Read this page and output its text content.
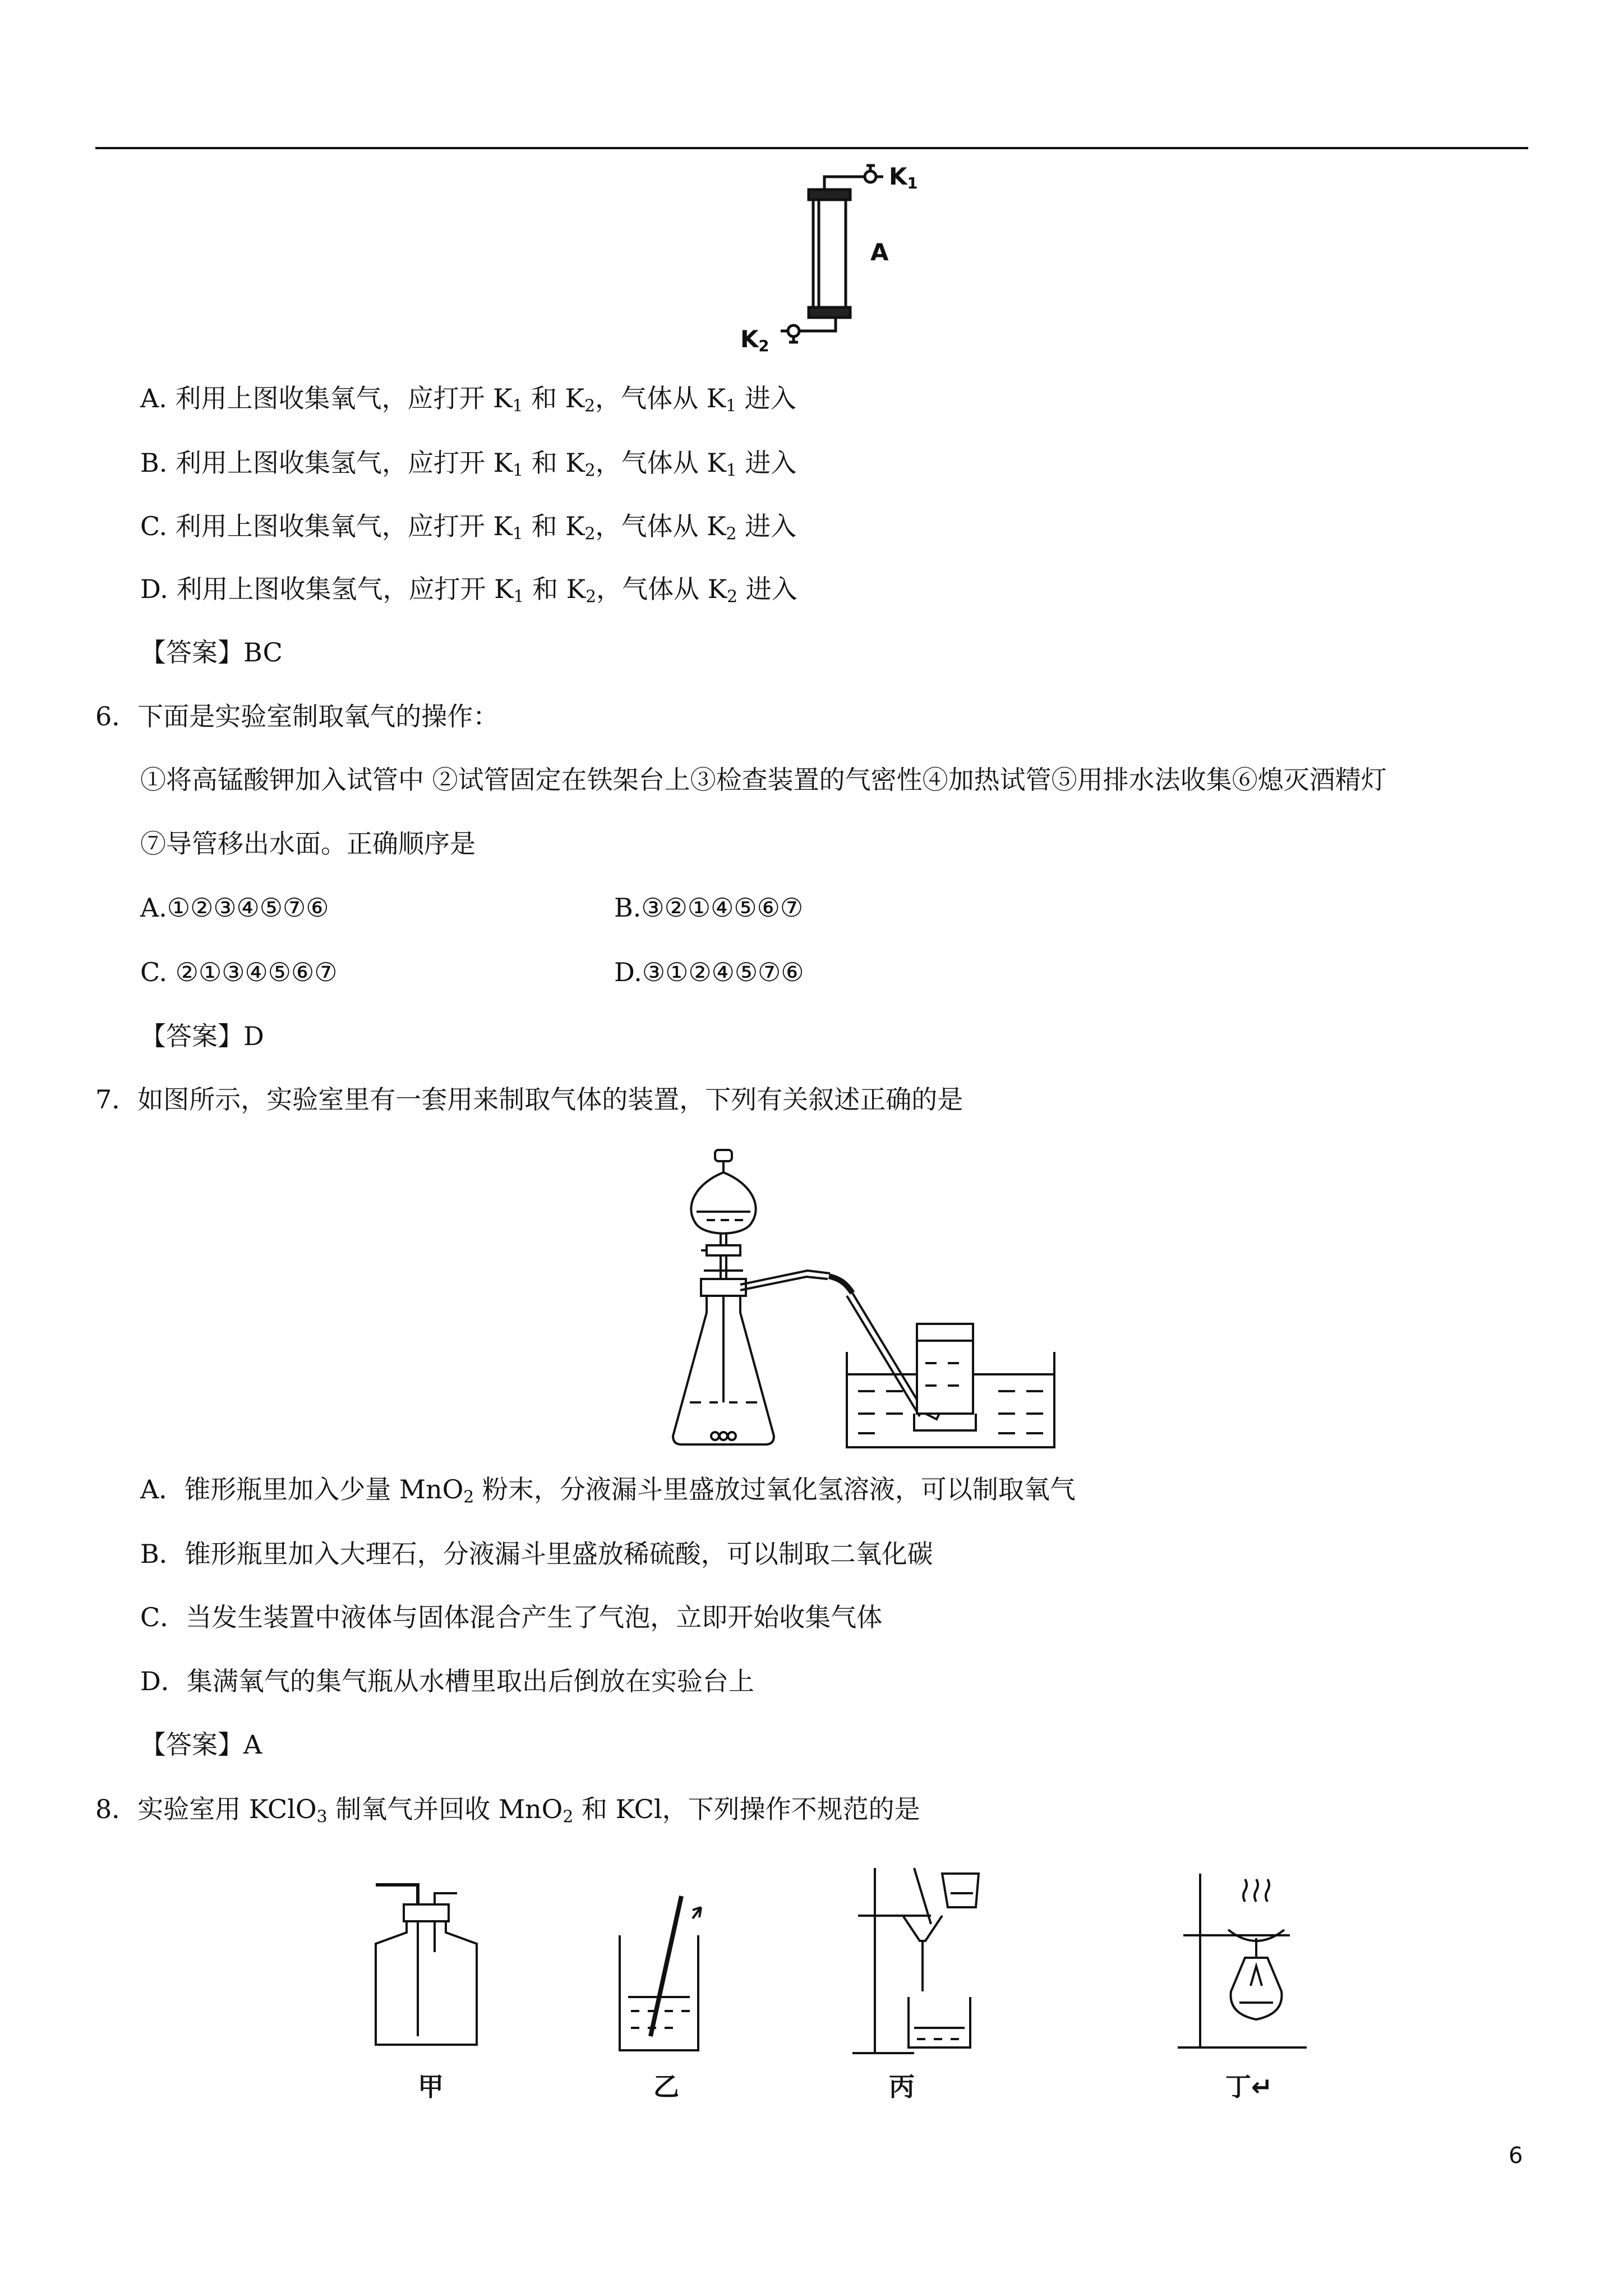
$K_1$
A
$K_2$
A. 利用上图收集氧气，应打开 $K_1$ 和 $K_2$，气体从 $K_1$ 进入
B. 利用上图收集氢气，应打开 $K_1$ 和 $K_2$，气体从 $K_1$ 进入
C. 利用上图收集氧气，应打开 $K_1$ 和 $K_2$，气体从 $K_2$ 进入
D. 利用上图收集氢气，应打开 $K_1$ 和 $K_2$，气体从 $K_2$ 进入
【答案】BC
6．下面是实验室制取氧气的操作：
①将高锰酸钾加入试管中 ②试管固定在铁架台上③检查装置的气密性④加热试管⑤用排水法收集⑥熄灭酒精灯
⑦导管移出水面。正确顺序是
A.①②③④⑤⑦⑥	B.③②①④⑤⑥⑦
C. ②①③④⑤⑥⑦	D.③①②④⑤⑦⑥
【答案】D
7．如图所示，实验室里有一套用来制取气体的装置，下列有关叙述正确的是
A．锥形瓶里加入少量 MnO$_2$ 粉末，分液漏斗里盛放过氧化氢溶液，可以制取氧气
B．锥形瓶里加入大理石，分液漏斗里盛放稀硫酸，可以制取二氧化碳
C．当发生装置中液体与固体混合产生了气泡，立即开始收集气体
D．集满氧气的集气瓶从水槽里取出后倒放在实验台上
【答案】A
8．实验室用 KClO$_3$ 制氧气并回收 MnO$_2$ 和 KCl，下列操作不规范的是
甲	乙	丙	丁↵
6
